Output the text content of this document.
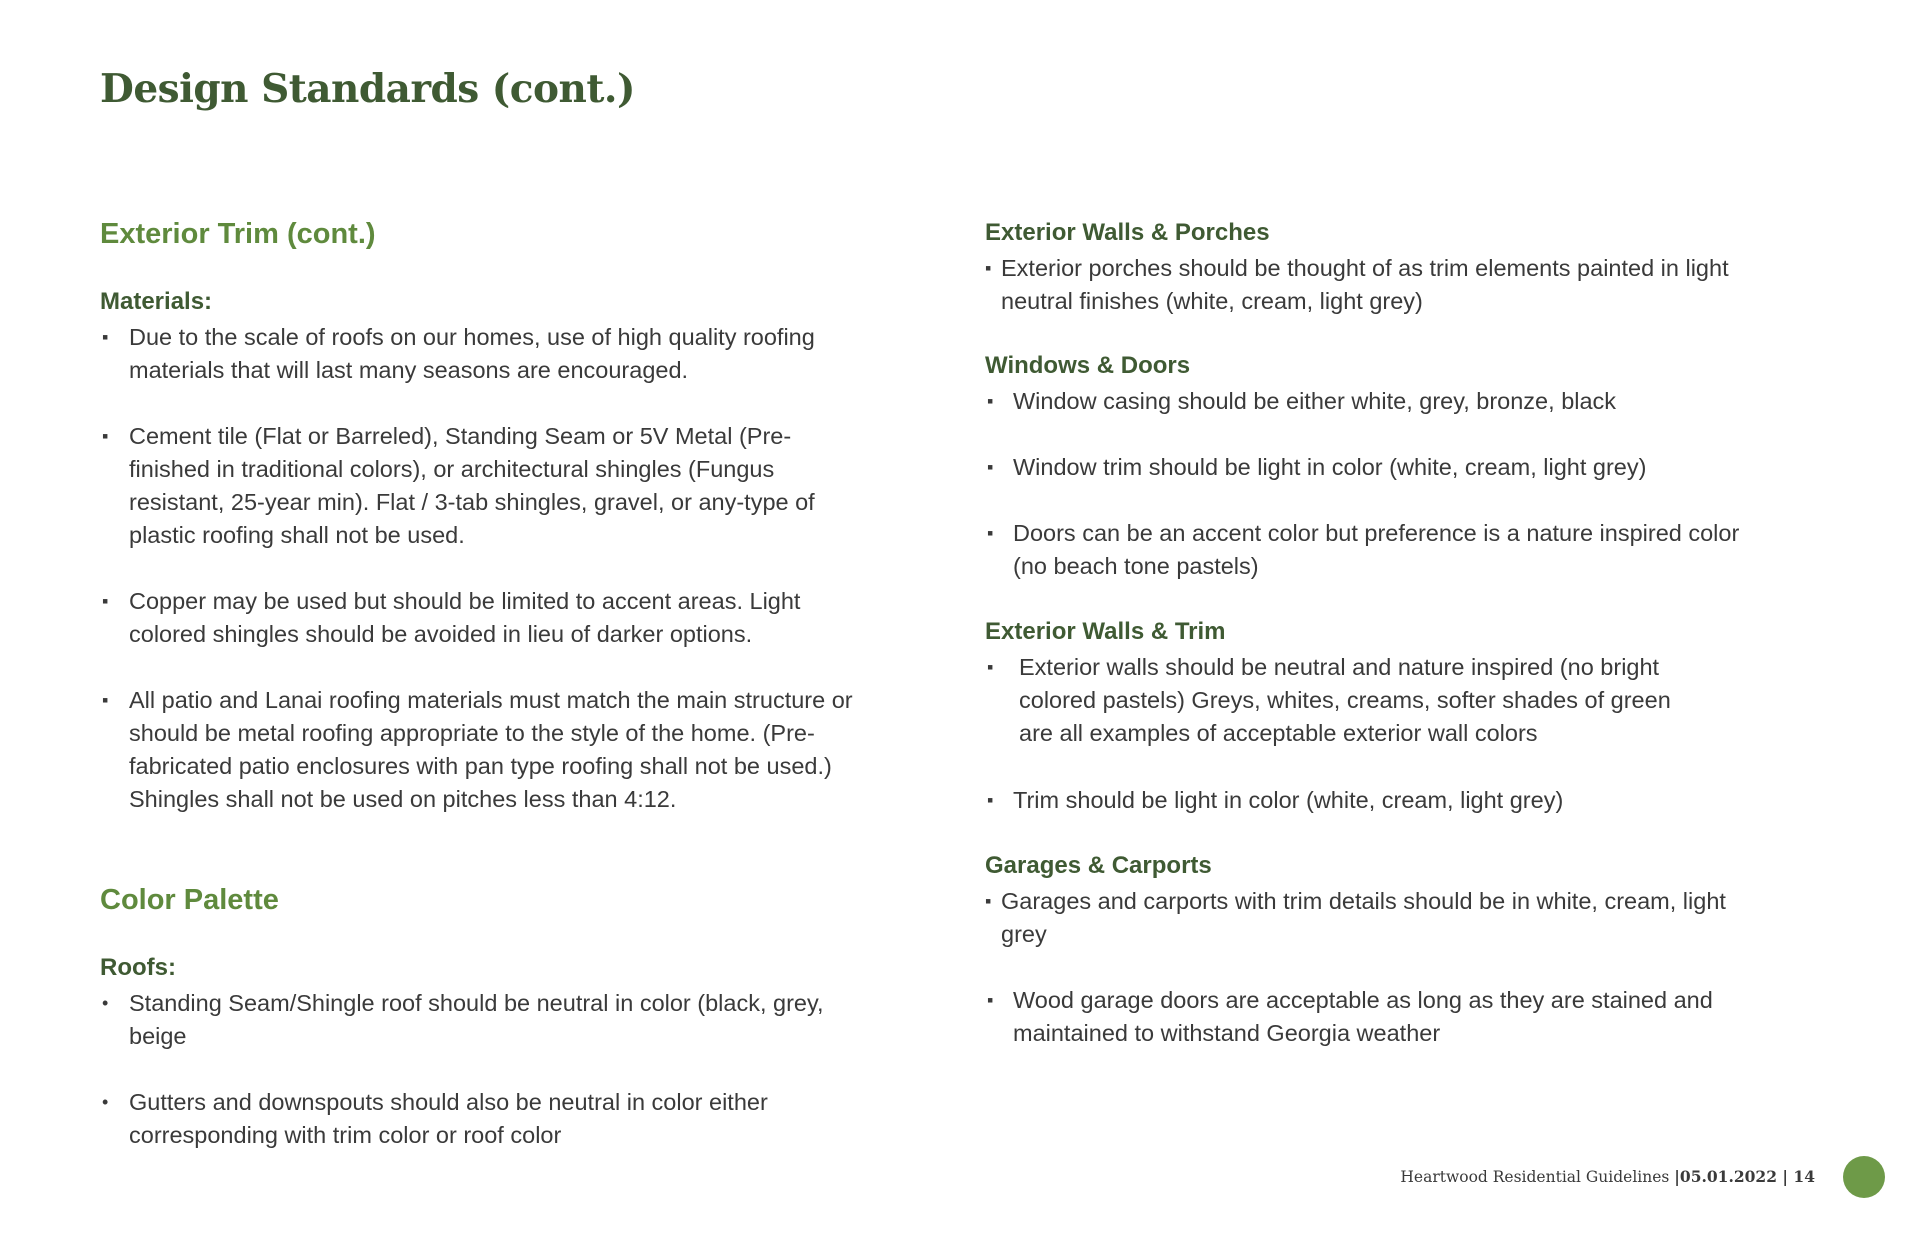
Design Standards (cont.)
Exterior Trim (cont.)
Materials:
▪ Due to the scale of roofs on our homes, use of high quality roofing materials that will last many seasons are encouraged.
▪ Cement tile (Flat or Barreled), Standing Seam or 5V Metal (Pre-finished in traditional colors), or architectural shingles (Fungus resistant, 25-year min). Flat / 3-tab shingles, gravel, or any-type of plastic roofing shall not be used.
▪ Copper may be used but should be limited to accent areas. Light colored shingles should be avoided in lieu of darker options.
▪ All patio and Lanai roofing materials must match the main structure or should be metal roofing appropriate to the style of the home. (Pre-fabricated patio enclosures with pan type roofing shall not be used.) Shingles shall not be used on pitches less than 4:12.
Color Palette
Roofs:
• Standing Seam/Shingle roof should be neutral in color (black, grey, beige
• Gutters and downspouts should also be neutral in color either corresponding with trim color or roof color
Exterior Walls & Porches
▪ Exterior porches should be thought of as trim elements painted in light neutral finishes (white, cream, light grey)
Windows & Doors
▪ Window casing should be either white, grey, bronze, black
▪ Window trim should be light in color (white, cream, light grey)
▪ Doors can be an accent color but preference is a nature inspired color (no beach tone pastels)
Exterior Walls & Trim
▪ Exterior walls should be neutral and nature inspired (no bright colored pastels) Greys, whites, creams, softer shades of green are all examples of acceptable exterior wall colors
▪ Trim should be light in color (white, cream, light grey)
Garages & Carports
▪ Garages and carports with trim details should be in white, cream, light grey
▪ Wood garage doors are acceptable as long as they are stained and maintained to withstand Georgia weather
Heartwood Residential Guidelines |05.01.2022 | 14
